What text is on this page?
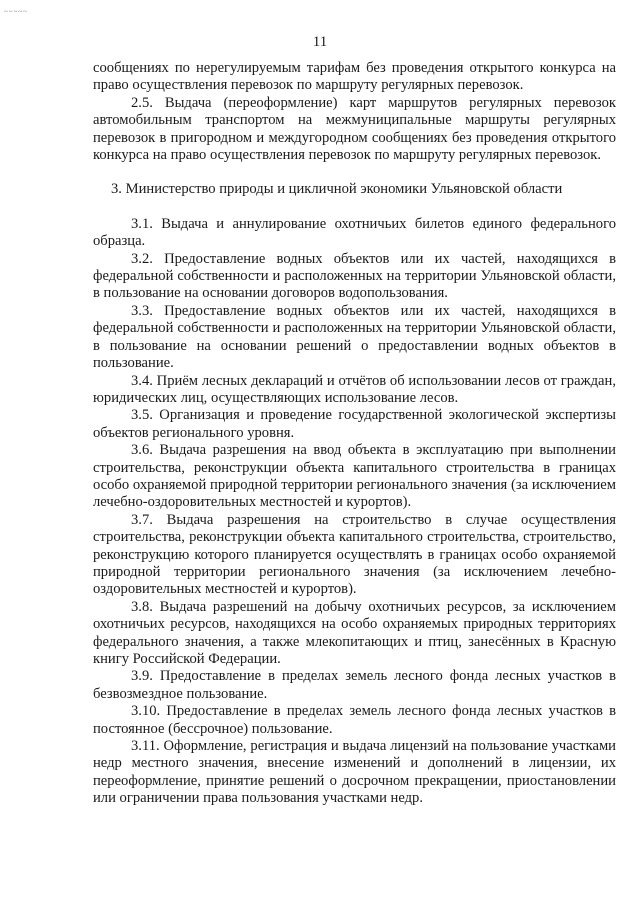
~~~~~
11

сообщениях по нерегулируемым тарифам без проведения открытого конкурса на право осуществления перевозок по маршруту регулярных перевозок.

2.5. Выдача (переоформление) карт маршрутов регулярных перевозок автомобильным транспортом на межмуниципальные маршруты регулярных перевозок в пригородном и междугородном сообщениях без проведения открытого конкурса на право осуществления перевозок по маршруту регулярных перевозок.

3. Министерство природы и цикличной экономики Ульяновской области

3.1. Выдача и аннулирование охотничьих билетов единого федерального образца.

3.2. Предоставление водных объектов или их частей, находящихся в федеральной собственности и расположенных на территории Ульяновской области, в пользование на основании договоров водопользования.

3.3. Предоставление водных объектов или их частей, находящихся в федеральной собственности и расположенных на территории Ульяновской области, в пользование на основании решений о предоставлении водных объектов в пользование.

3.4. Приём лесных деклараций и отчётов об использовании лесов от граждан, юридических лиц, осуществляющих использование лесов.

3.5. Организация и проведение государственной экологической экспертизы объектов регионального уровня.

3.6. Выдача разрешения на ввод объекта в эксплуатацию при выполнении строительства, реконструкции объекта капитального строительства в границах особо охраняемой природной территории регионального значения (за исключением лечебно-оздоровительных местностей и курортов).

3.7. Выдача разрешения на строительство в случае осуществления строительства, реконструкции объекта капитального строительства, строительство, реконструкцию которого планируется осуществлять в границах особо охраняемой природной территории регионального значения (за исключением лечебно-оздоровительных местностей и курортов).

3.8. Выдача разрешений на добычу охотничьих ресурсов, за исключением охотничьих ресурсов, находящихся на особо охраняемых природных территориях федерального значения, а также млекопитающих и птиц, занесённых в Красную книгу Российской Федерации.

3.9. Предоставление в пределах земель лесного фонда лесных участков в безвозмездное пользование.

3.10. Предоставление в пределах земель лесного фонда лесных участков в постоянное (бессрочное) пользование.

3.11. Оформление, регистрация и выдача лицензий на пользование участками недр местного значения, внесение изменений и дополнений в лицензии, их переоформление, принятие решений о досрочном прекращении, приостановлении или ограничении права пользования участками недр.
